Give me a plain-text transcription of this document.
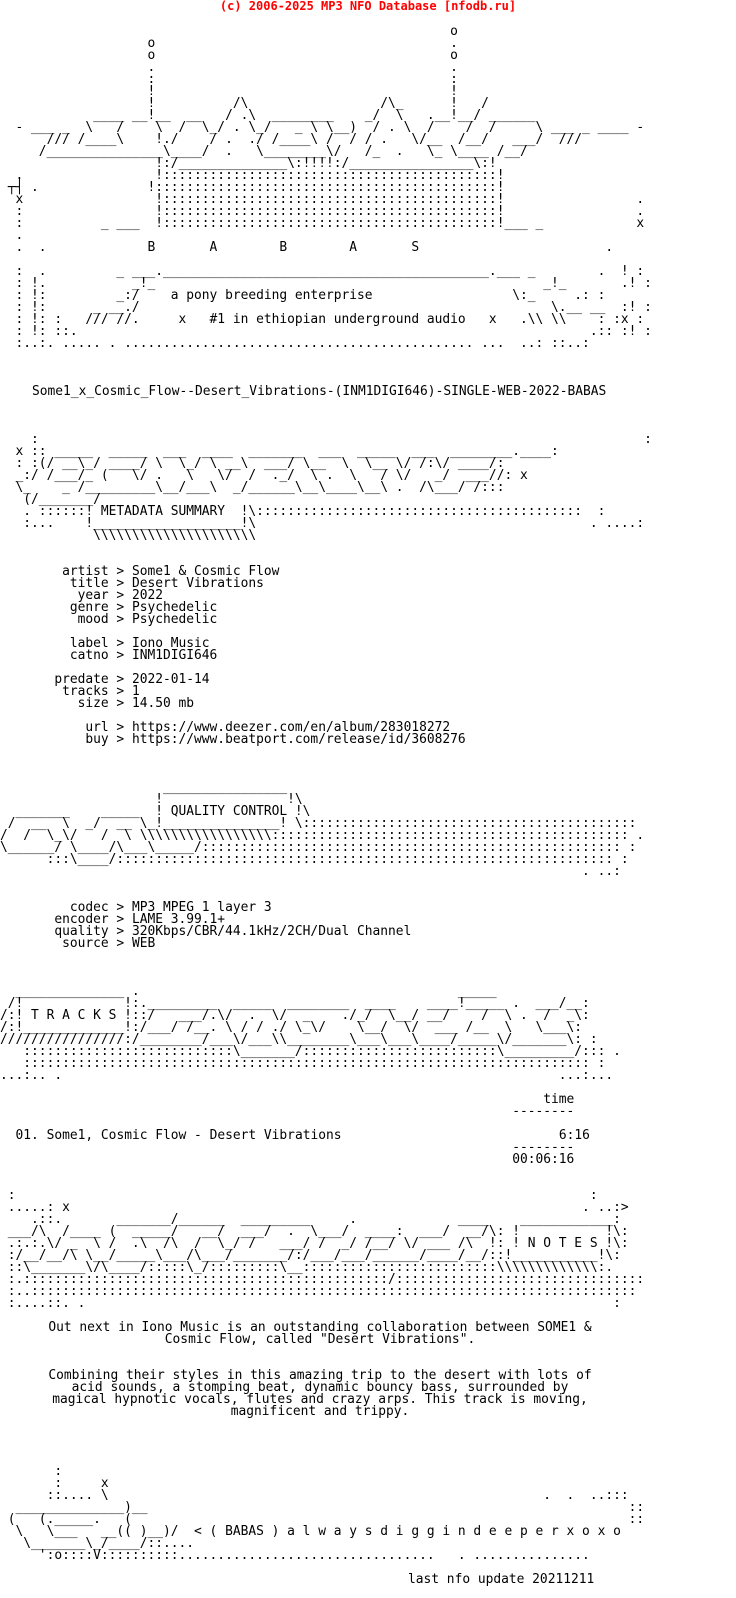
(c) 2006-2025 MP3 NFO Database [nfodb.ru]

o
o                                      .
o                                      o
.                                      .
:                                      :
!                                      !
!          /\                 /\_      !   /
____ __!__  __   / .\  ________    _/  \   .__!__/ ______
- ___ _  \   /    \  /  \_/ . \_/   _ \ \__)  / . \  /    /  /     \ ___ _ ____ -
/// /____\    !./    / .  ./ /____\ /  / / .   \/__  /__/   ___/  ///
/_______________\____/  .   \________\/   /_  .   \_ \____ /__/
!:/______________\:!!!!:/________________\:!
.                 !:::::::::::::::::::::::::::::::::::::::::::!
┬┤ .              !::::::::::::::::::::::::::::::::::::::::::::!
x                 !:::::::::::::::::::::::::::::::::::::::::::!                 .
:                 !:::::::::::::::::::::::::::::::::::::::::::!                 .
:          _ ___  !:::::::::::::::::::::::::::::::::::::::::::!___ _            x
.
.  .             B       A        B        A       S                        .

:  .         _ ___.__________________________________________.___ _        .  ! :
: !.           _!_                                                  _!_       .! :
: !:         _:/    a pony breeding enterprise                  \:_     .: :
: !:      _ __./                                                     \.__ __  :! :
: !: :   /// //.     x   #1 in ethiopian underground audio   x   .\\ \\    : :x :
: !: ::.                                                                  .:: :! :
:..:. ..... . ............................................. ...  ..: ::..:

Some1_x_Cosmic_Flow--Desert_Vibrations-(INM1DIGI646)-SINGLE-WEB-2022-BABAS

:                                                                              :
x :: _____  _____  ___  ____  _______  ___  _____  ___  ________.____:
: :(/ __\_/ ____/ \  \_/ \ __\  ___/ \__  \  \__ \/ /:\/ ____/:
_:/ /___/_ (   \/ .   \   \/  /  ._/  \ .  \   / \/   _/  ___//: x
\_    _ /_________\__/___\  _/______\__\____\__\ .  /\___/ /:::
(/_______/
. ::::::! METADATA SUMMARY  !\::::::::::::::::::::::::::::::::::::::::::  :
:...    !___________________!\                                           . ....:
\\\\\\\\\\\\\\\\\\\\\

artist > Some1 & Cosmic Flow
title > Desert Vibrations
year > 2022
genre > Psychedelic
mood > Psychedelic

label > Iono Music
catno > INM1DIGI646

predate > 2022-01-14
tracks > 1
size > 14.50 mb

url > https://www.deezer.com/en/album/283018272
buy > https://www.beatport.com/release/id/3608276

________________
!                !\
_______    _____  ! QUALITY CONTROL !\
/  __  \  _/  __ \_!_______________! \:::::::::::::::::::::::::::::::::::::::::::
/  /  \_\/   /  \ \\\\\\\\\\\\\\\\\:::::::::::::::::::::::::::::::::::::::::::::: .
\______/ \____/\___\_____/:::::::::::::::::::::::::::::::::::::::::::::::::::::: :
:::\____/:::::::::::::::::::::::::::::::::::::::::::::::::::::::::::::::: :
. ..:

codec > MP3 MPEG 1 layer 3
encoder > LAME 3.99.1+
quality > 320Kbps/CBR/44.1kHz/2CH/Dual Channel
source > WEB

______________ .                                         _____
/!             !:._________  _____  ________  ____    ____!_____ .  ___/__:
/:! T R A C K S !::/   ___/.\/  .  \/  _    ./_/  \__/ __/    /  \ .  /  _\:
/:!_____________!:/___/ /__. \ / / ./ \_\/    \__/  \/  ___ /__  \   \___\:
////////////////:/________/___\/___\\________\___\___\____/_____\/_______\: :
:::::::::::::::::::::::::::\_______/:::::::::::::::::::::::::\_________/::: .
::::::::::::::::::::::::::::::::::::::::::::::::::::::::::::::::::::::::: :
...:.. .                                                                ...:...

time
--------

01. Some1, Cosmic Flow - Desert Vibrations	6:16
--------
00:06:16

:                                                                          :
.....: x                                                                  . ..:>
.::.       _______/______  _________     .             ____    ____________:
___/\  /____ (  _____/   __/  ___/  .  \___/  ____:  ___/  __/\: !           !\:
.:.:.\/ _  \ /  .\  /\  /  \_/ /   ___/ /  _/ /__/ \/ ___ /\  !: ! N O T E S !\:
:/__/__/\ \__/_____\___/\___/_______/:/___/___/______/____/__/::!___________!\:
::\_______\/\____/:::::\_/:::::::::\__:::::::::::::::::::::::::\\\\\\\\\\\\\:.
:.:::::::::::::::::::::::::::::::::::::::::::::::/::::::::::::::::::::::::::::::::
:..::::::::::::::::::::::::::::::::::::::::::::::::::::::::::::::::::::::::::::::
:....::. .                                                                    :

Out next in Iono Music is an outstanding collaboration between SOME1 &
Cosmic Flow, called "Desert Vibrations".

Combining their styles in this amazing trip to the desert with lots of
acid sounds, a stomping beat, dynamic bouncy bass, surrounded by
magical hypnotic vocals, flutes and crazy arps. This track is moving,
magnificent and trippy.

:
:     x
::.... \                                                        .  .  ..:::
______________)__                                                              ::
(   (._____.   (                                                                ::
\   \___   __(( )__)/  < ( BABAS ) a l w a y s d i g g i n d e e p e r x o x o
\_______\_/____/::....
':o::::V::::::::::.................................   . ...............

last nfo update 20211211
